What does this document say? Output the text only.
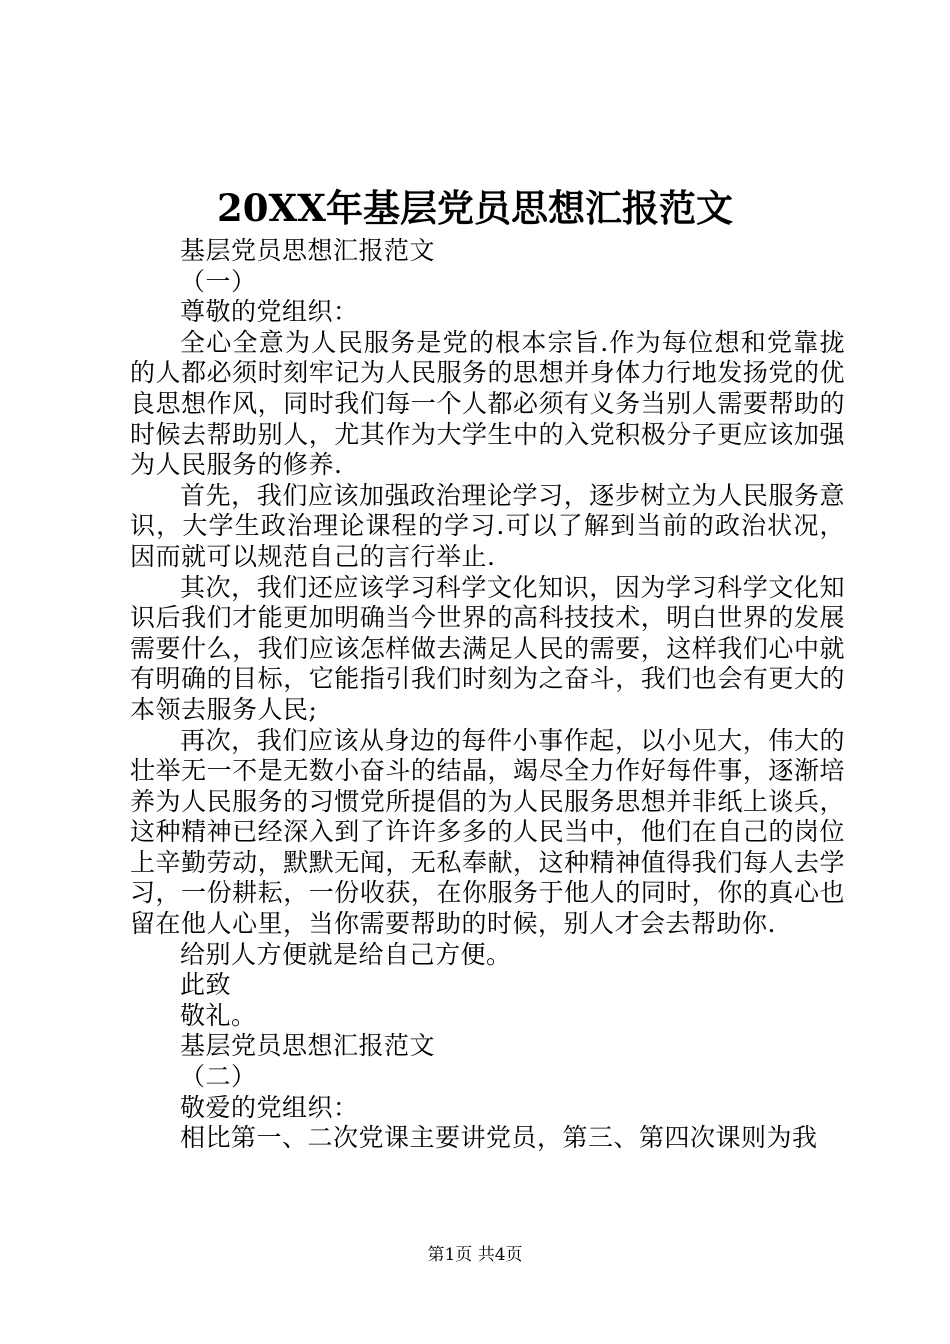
20XX年基层党员思想汇报范文

基层党员思想汇报范文

（一）

尊敬的党组织：

全心全意为人民服务是党的根本宗旨.作为每位想和党靠拢的人都必须时刻牢记为人民服务的思想并身体力行地发扬党的优良思想作风，同时我们每一个人都必须有义务当别人需要帮助的时候去帮助别人，尤其作为大学生中的入党积极分子更应该加强为人民服务的修养.

首先，我们应该加强政治理论学习，逐步树立为人民服务意识，大学生政治理论课程的学习.可以了解到当前的政治状况，因而就可以规范自己的言行举止.

其次，我们还应该学习科学文化知识，因为学习科学文化知识后我们才能更加明确当今世界的高科技技术，明白世界的发展需要什么，我们应该怎样做去满足人民的需要，这样我们心中就有明确的目标，它能指引我们时刻为之奋斗，我们也会有更大的本领去服务人民;

再次，我们应该从身边的每件小事作起，以小见大，伟大的壮举无一不是无数小奋斗的结晶，竭尽全力作好每件事，逐渐培养为人民服务的习惯党所提倡的为人民服务思想并非纸上谈兵，这种精神已经深入到了许许多多的人民当中，他们在自己的岗位上辛勤劳动，默默无闻，无私奉献，这种精神值得我们每人去学习，一份耕耘，一份收获，在你服务于他人的同时，你的真心也留在他人心里，当你需要帮助的时候，别人才会去帮助你.

给别人方便就是给自己方便。

此致

敬礼。

基层党员思想汇报范文

（二）

敬爱的党组织：

相比第一、二次党课主要讲党员，第三、第四次课则为我

第1页 共4页
